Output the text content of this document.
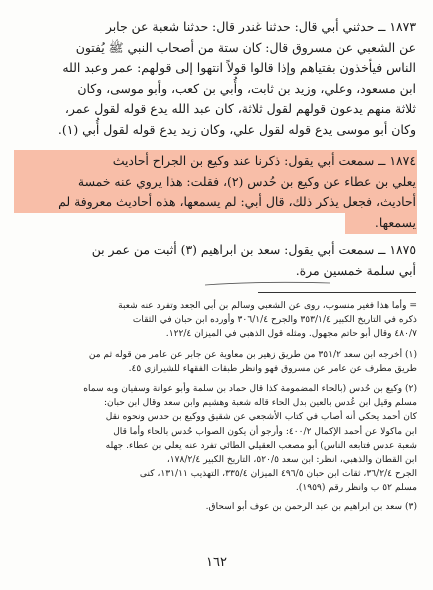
١٨٧٣ ــ حدثني أبي قال: حدثنا غندر قال: حدثنا شعبة عن جابر

عن الشعبي عن مسروق قال: كان ستة من أصحاب النبي ﷺ يُفتون

الناس فيأخذون بفتياهم وإذا قالوا قولاً انتهوا إلى قولهم: عمر وعبد الله

ابن مسعود، وعلي، وزيد بن ثابت، وأُبي بن كعب، وأبو موسى، وكان

ثلاثة منهم يدعون قولهم لقول ثلاثة، كان عبد الله يدع قوله لقول عمر،

وكان أبو موسى يدع قوله لقول علي، وكان زيد يدع قوله لقول أُبي (١).

١٨٧٤ ــ سمعت أبي يقول: ذكرنا عند وكيع بن الجراح أحاديث

يعلي بن عطاء عن وكيع بن حُدس (٢)، فقلت: هذا يروي عنه خمسة

أحاديث، فجعل يذكر ذلك، قال أبي: لم يسمعها، هذه أحاديث معروفة لم

يسمعها.

١٨٧٥ ــ سمعت أبي يقول: سعد بن ابراهيم (٣) أثبت من عمر بن

أبي سلمة خمسين مرة.

= وأما هذا فغير منسوب، روى عن الشعبي وسالم بن أبي الجعد وتفرد عنه شعبة

ذكره في التاريخ الكبير ٣٥٣/١/٤ والجرح ٣٠٦/١/٤ وأورده ابن حبان في الثقات

٤٨٠/٧ وقال أبو حاتم مجهول. ومثله قول الذهبي في الميزان ١٢٢/٤.

(١) أخرجه ابن سعد ٣٥١/٢ من طريق زهير بن معاوية عن جابر عن عامر من قوله ثم من

طريق مطرف عن عامر عن مسروق فهو وانظر طبقات الفقهاء للشيرازي ٤٥.

(٢) وكيع بن حُدس (بالحاء المضمومة كذا قال حماد بن سلمة وأبو عوانة وسفيان وبه سماه

مسلم وقيل ابن عُدس بالعين بدل الحاء قاله شعبة وهشيم وابن سعد وقال ابن حبان:

كان أحمد يحكي أنه أصاب في كتاب الأشجعي عن شقيق ووكيع بن حدس ونحوه نقل

ابن ماكولا عن أحمد الإكمال ٤٠٠/٢: وأرجو أن يكون الصواب حُدس بالحاء وأما قال

شعبة عدس فتابعه الناس) أبو مصعب العقيلي الطائي تفرد عنه يعلي بن عطاء. جهله

ابن القطان والذهبي، انظر: ابن سعد ٥٢٠/٥، التاريخ الكبير ١٧٨/٢/٤،

الجرح ٣٦/٢/٤، ثقات ابن حبان ٤٩٦/٥ الميزان ٣٣٥/٤، التهذيب ١٣١/١١، كنى

مسلم ٥٢ ب وانظر رقم (١٩٥٩).

(٣) سعد بن ابراهيم بن عبد الرحمن بن عوف أبو اسحاق.

١٦٢
